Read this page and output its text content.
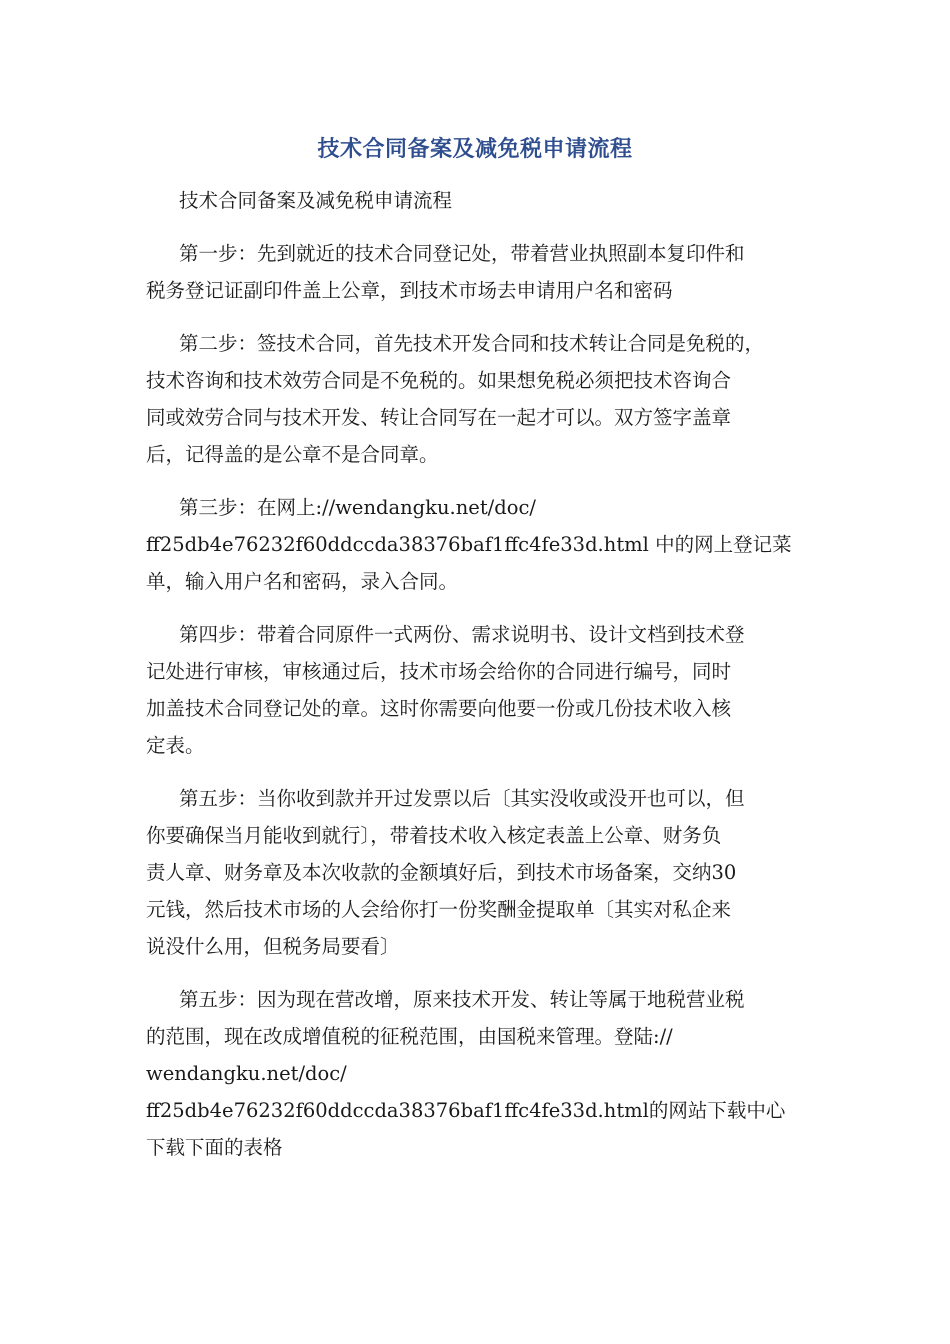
技术合同备案及减免税申请流程

技术合同备案及减免税申请流程

第一步：先到就近的技术合同登记处，带着营业执照副本复印件和
税务登记证副印件盖上公章，到技术市场去申请用户名和密码

第二步：签技术合同，首先技术开发合同和技术转让合同是免税的，
技术咨询和技术效劳合同是不免税的。如果想免税必须把技术咨询合
同或效劳合同与技术开发、转让合同写在一起才可以。双方签字盖章
后，记得盖的是公章不是合同章。

第三步：在网上://wendangku.net/doc/
ff25db4e76232f60ddccda38376baf1ffc4fe33d.html 中的网上登记菜
单，输入用户名和密码，录入合同。

第四步：带着合同原件一式两份、需求说明书、设计文档到技术登
记处进行审核，审核通过后，技术市场会给你的合同进行编号，同时
加盖技术合同登记处的章。这时你需要向他要一份或几份技术收入核
定表。

第五步：当你收到款并开过发票以后〔其实没收或没开也可以，但
你要确保当月能收到就行〕，带着技术收入核定表盖上公章、财务负
责人章、财务章及本次收款的金额填好后，到技术市场备案，交纳30
元钱，然后技术市场的人会给你打一份奖酬金提取单〔其实对私企来
说没什么用，但税务局要看〕

第五步：因为现在营改增，原来技术开发、转让等属于地税营业税
的范围，现在改成增值税的征税范围，由国税来管理。登陆://
wendangku.net/doc/
ff25db4e76232f60ddccda38376baf1ffc4fe33d.html的网站下载中心
下载下面的表格
